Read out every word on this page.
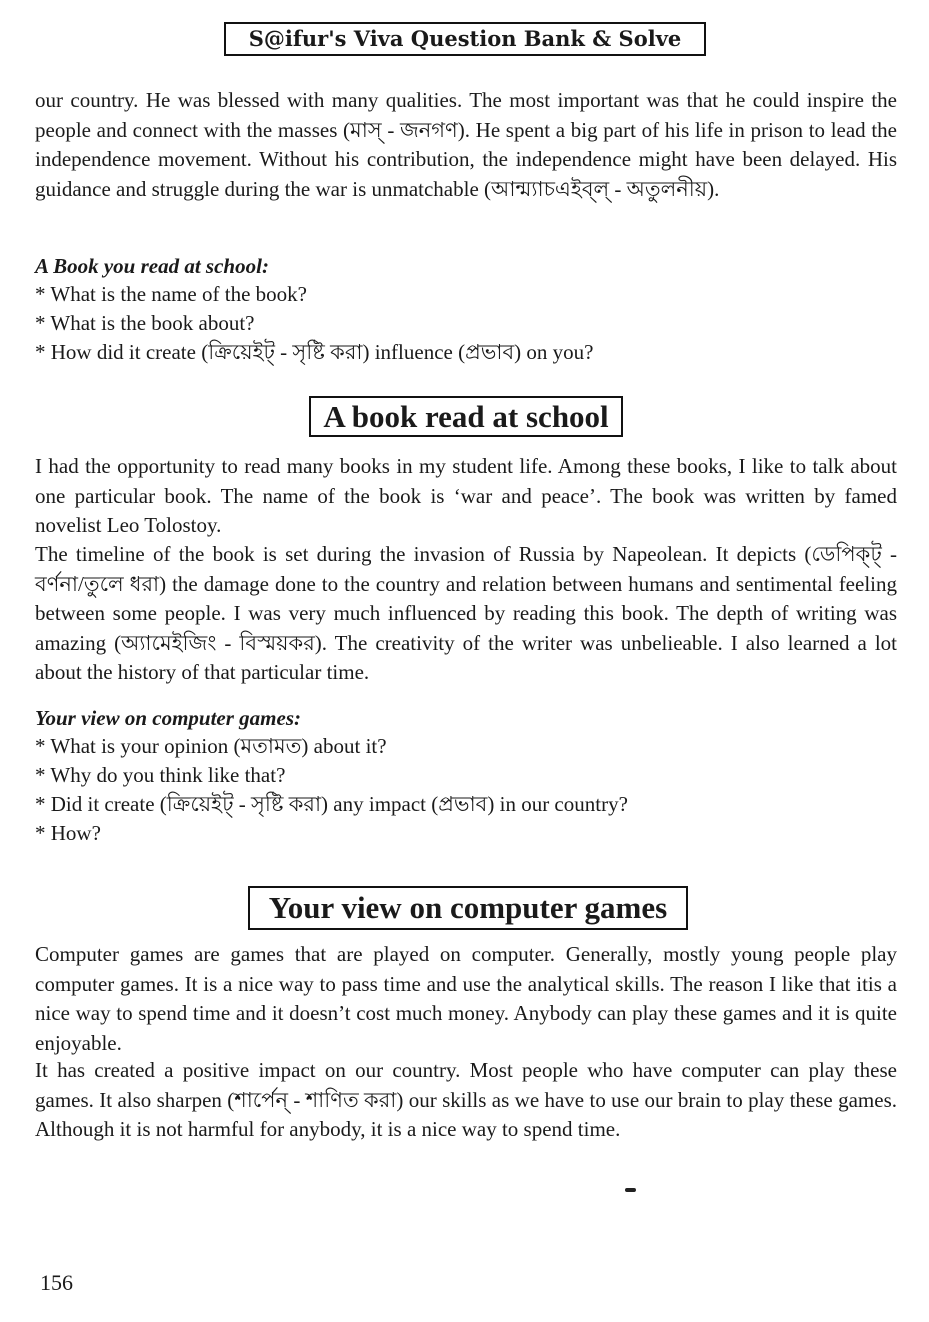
S@ifur's Viva Question Bank & Solve
our country. He was blessed with many qualities. The most important was that he could inspire the people and connect with the masses (মাস্ - জনগণ). He spent a big part of his life in prison to lead the independence movement. Without his contribution, the independence might have been delayed. His guidance and struggle during the war is unmatchable (আন্ম্যাচএইব্‌ল্ - অতুলনীয়).
A Book you read at school:
* What is the name of the book?
* What is the book about?
* How did it create (ক্রিয়েইট্ - সৃষ্টি করা) influence (প্রভাব) on you?
A book read at school
I had the opportunity to read many books in my student life. Among these books, I like to talk about one particular book. The name of the book is ‘war and peace’. The book was written by famed novelist Leo Tolostoy.
The timeline of the book is set during the invasion of Russia by Napeolean. It depicts (ডেপিক্ট্ - বর্ণনা/তুলে ধরা) the damage done to the country and relation between humans and sentimental feeling between some people. I was very much influenced by reading this book. The depth of writing was amazing (অ্যামেইজিং - বিস্ময়কর). The creativity of the writer was unbelieable. I also learned a lot about the history of that particular time.
Your view on computer games:
* What is your opinion (মতামত) about it?
* Why do you think like that?
* Did it create (ক্রিয়েইট্ - সৃষ্টি করা) any impact (প্রভাব) in our country?
* How?
Your view on computer games
Computer games are games that are played on computer. Generally, mostly young people play computer games. It is a nice way to pass time and use the analytical skills. The reason I like that itis a nice way to spend time and it doesn’t cost much money. Anybody can play these games and it is quite enjoyable.
It has created a positive impact on our country. Most people who have computer can play these games. It also sharpen (শার্পেন্ - শাণিত করা) our skills as we have to use our brain to play these games. Although it is not harmful for anybody, it is a nice way to spend time.
156
